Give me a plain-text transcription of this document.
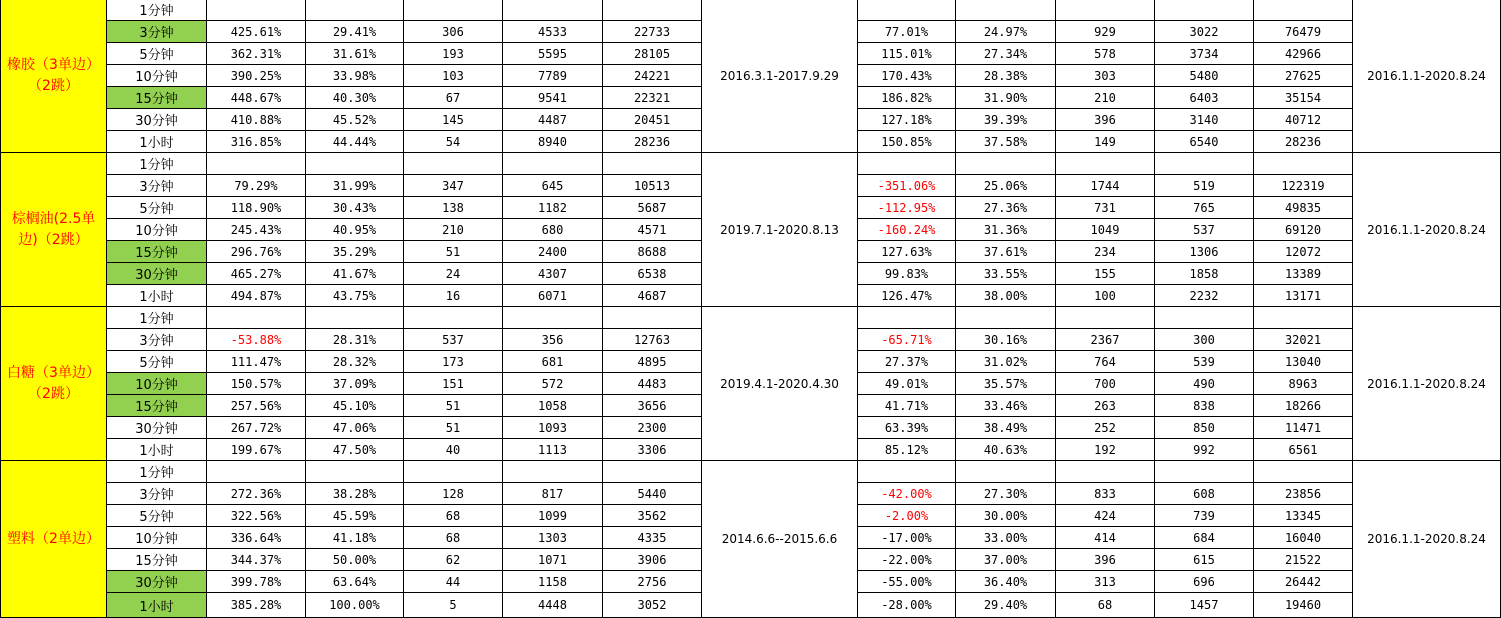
橡胶（3单边）（2跳）
2016.3.1-2017.9.29	2016.1.1-2020.8.24
1分钟
3分钟	425.61%	29.41%	306	4533	22733	77.01%	24.97%	929	3022	76479
5分钟	362.31%	31.61%	193	5595	28105	115.01%	27.34%	578	3734	42966
10分钟	390.25%	33.98%	103	7789	24221	170.43%	28.38%	303	5480	27625
15分钟	448.67%	40.30%	67	9541	22321	186.82%	31.90%	210	6403	35154
30分钟	410.88%	45.52%	145	4487	20451	127.18%	39.39%	396	3140	40712
1小时	316.85%	44.44%	54	8940	28236	150.85%	37.58%	149	6540	28236
棕榈油(2.5单边)（2跳）
2019.7.1-2020.8.13	2016.1.1-2020.8.24
1分钟
3分钟	79.29%	31.99%	347	645	10513	-351.06%	25.06%	1744	519	122319
5分钟	118.90%	30.43%	138	1182	5687	-112.95%	27.36%	731	765	49835
10分钟	245.43%	40.95%	210	680	4571	-160.24%	31.36%	1049	537	69120
15分钟	296.76%	35.29%	51	2400	8688	127.63%	37.61%	234	1306	12072
30分钟	465.27%	41.67%	24	4307	6538	99.83%	33.55%	155	1858	13389
1小时	494.87%	43.75%	16	6071	4687	126.47%	38.00%	100	2232	13171
白糖（3单边）（2跳）
2019.4.1-2020.4.30	2016.1.1-2020.8.24
1分钟
3分钟	-53.88%	28.31%	537	356	12763	-65.71%	30.16%	2367	300	32021
5分钟	111.47%	28.32%	173	681	4895	27.37%	31.02%	764	539	13040
10分钟	150.57%	37.09%	151	572	4483	49.01%	35.57%	700	490	8963
15分钟	257.56%	45.10%	51	1058	3656	41.71%	33.46%	263	838	18266
30分钟	267.72%	47.06%	51	1093	2300	63.39%	38.49%	252	850	11471
1小时	199.67%	47.50%	40	1113	3306	85.12%	40.63%	192	992	6561
塑料（2单边）	2014.6.6--2015.6.6	2016.1.1-2020.8.24
1分钟
3分钟	272.36%	38.28%	128	817	5440	-42.00%	27.30%	833	608	23856
5分钟	322.56%	45.59%	68	1099	3562	-2.00%	30.00%	424	739	13345
10分钟	336.64%	41.18%	68	1303	4335	-17.00%	33.00%	414	684	16040
15分钟	344.37%	50.00%	62	1071	3906	-22.00%	37.00%	396	615	21522
30分钟	399.78%	63.64%	44	1158	2756	-55.00%	36.40%	313	696	26442
1小时	385.28%	100.00%	5	4448	3052	-28.00%	29.40%	68	1457	19460
